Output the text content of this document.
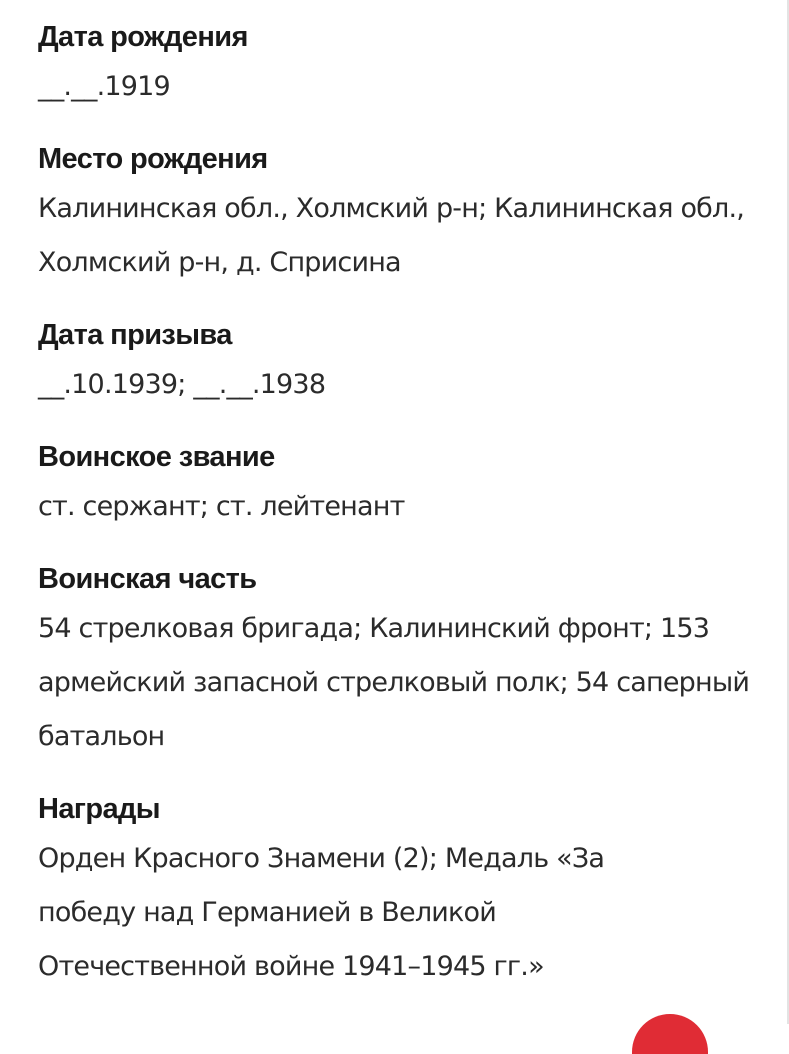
Дата рождения
__.__.1919
Место рождения
Калининская обл., Холмский р-н; Калининская обл., Холмский р-н, д. Сприсина
Дата призыва
__.10.1939; __.__.1938
Воинское звание
ст. сержант; ст. лейтенант
Воинская часть
54 стрелковая бригада; Калининский фронт; 153 армейский запасной стрелковый полк; 54 саперный батальон
Награды
Орден Красного Знамени (2); Медаль «За победу над Германией в Великой Отечественной войне 1941–1945 гг.»
